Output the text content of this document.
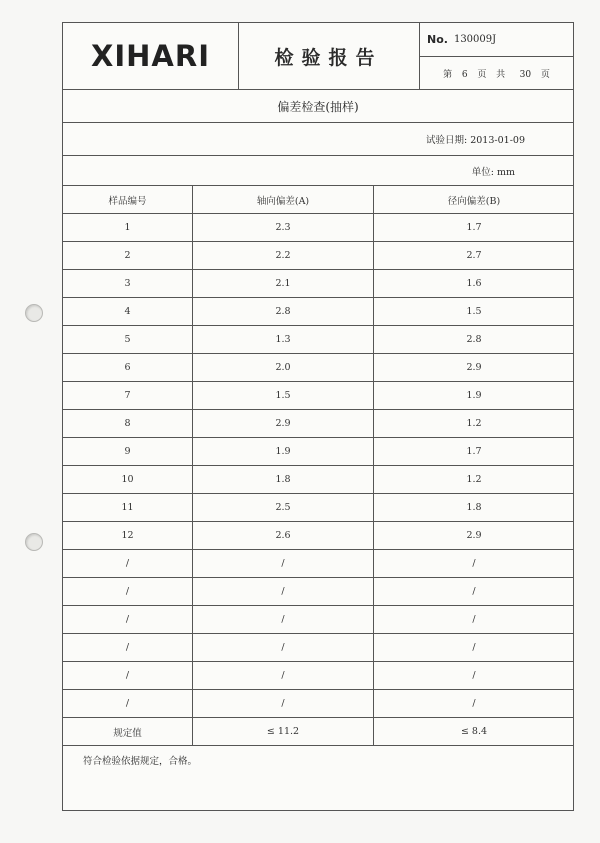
XIHARI	检验报告
No. 130009J
第  6  页  共   30  页
偏差检查(抽样)
试验日期: 2013-01-09
单位: mm
样品编号	轴向偏差(A)	径向偏差(B)
1	2.3	1.7
2	2.2	2.7
3	2.1	1.6
4	2.8	1.5
5	1.3	2.8
6	2.0	2.9
7	1.5	1.9
8	2.9	1.2
9	1.9	1.7
10	1.8	1.2
11	2.5	1.8
12	2.6	2.9
/	/	/
/	/	/
/	/	/
/	/	/
/	/	/
/	/	/
规定值	≤ 11.2	≤ 8.4
符合检验依据规定，合格。
